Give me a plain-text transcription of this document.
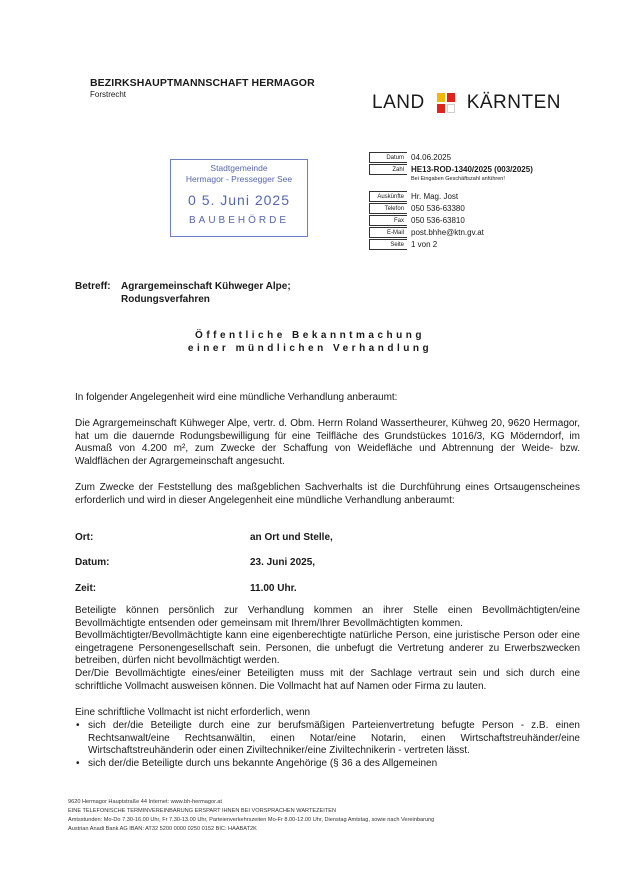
BEZIRKSHAUPTMANNSCHAFT HERMAGOR
Forstrecht	LAND KÄRNTEN
Stadtgemeinde
Hermagor - Pressegger See
0 5. Juni 2025
BAUBEHÖRDE
Datum 04.06.2025
Zahl HE13-ROD-1340/2025 (003/2025)
Bei Eingaben Geschäftszahl anführen!
Auskünfte Hr. Mag. Jost
Telefon 050 536-63380
Fax 050 536-63810
E-Mail post.bhhe@ktn.gv.at
Seite 1 von 2
Betreff: Agrargemeinschaft Kühweger Alpe;
Rodungsverfahren
Öffentliche Bekanntmachung
einer mündlichen Verhandlung
In folgender Angelegenheit wird eine mündliche Verhandlung anberaumt:
Die Agrargemeinschaft Kühweger Alpe, vertr. d. Obm. Herrn Roland Wassertheurer, Kühweg 20, 9620 Hermagor, hat um die dauernde Rodungsbewilligung für eine Teilfläche des Grundstückes 1016/3, KG Möderndorf, im Ausmaß von 4.200 m², zum Zwecke der Schaffung von Weidefläche und Abtrennung der Weide- bzw. Waldflächen der Agrargemeinschaft angesucht.
Zum Zwecke der Feststellung des maßgeblichen Sachverhalts ist die Durchführung eines Ortsaugenscheines erforderlich und wird in dieser Angelegenheit eine mündliche Verhandlung anberaumt:
Ort:	an Ort und Stelle,
Datum:	23. Juni 2025,
Zeit:	11.00 Uhr.
Beteiligte können persönlich zur Verhandlung kommen an ihrer Stelle einen Bevollmächtigten/eine Bevollmächtigte entsenden oder gemeinsam mit Ihrem/Ihrer Bevollmächtigten kommen.
Bevollmächtigter/Bevollmächtigte kann eine eigenberechtigte natürliche Person, eine juristische Person oder eine eingetragene Personengesellschaft sein. Personen, die unbefugt die Vertretung anderer zu Erwerbszwecken betreiben, dürfen nicht bevollmächtigt werden.
Der/Die Bevollmächtigte eines/einer Beteiligten muss mit der Sachlage vertraut sein und sich durch eine schriftliche Vollmacht ausweisen können. Die Vollmacht hat auf Namen oder Firma zu lauten.
Eine schriftliche Vollmacht ist nicht erforderlich, wenn
• sich der/die Beteiligte durch eine zur berufsmäßigen Parteienvertretung befugte Person - z.B. einen Rechtsanwalt/eine Rechtsanwältin, einen Notar/eine Notarin, einen Wirtschaftstreuhänder/eine Wirtschaftstreuhänderin oder einen Ziviltechniker/eine Ziviltechnikerin - vertreten lässt.
• sich der/die Beteiligte durch uns bekannte Angehörige (§ 36 a des Allgemeinen
9620 Hermagor Hauptstraße 44 Internet: www.bh-hermagor.at
EINE TELEFONISCHE TERMINVEREINBARUNG ERSPART IHNEN BEI VORSPRACHEN WARTEZEITEN
Amtsstunden: Mo-Do 7.30-16.00 Uhr, Fr 7.30-13.00 Uhr, Parteienverkehrszeiten Mo-Fr 8.00-12.00 Uhr, Dienstag Amtstag, sowie nach Vereinbarung
Austrian Anadi Bank AG IBAN: AT32 5200 0000 0250 0152 BIC: HAABAT2K
